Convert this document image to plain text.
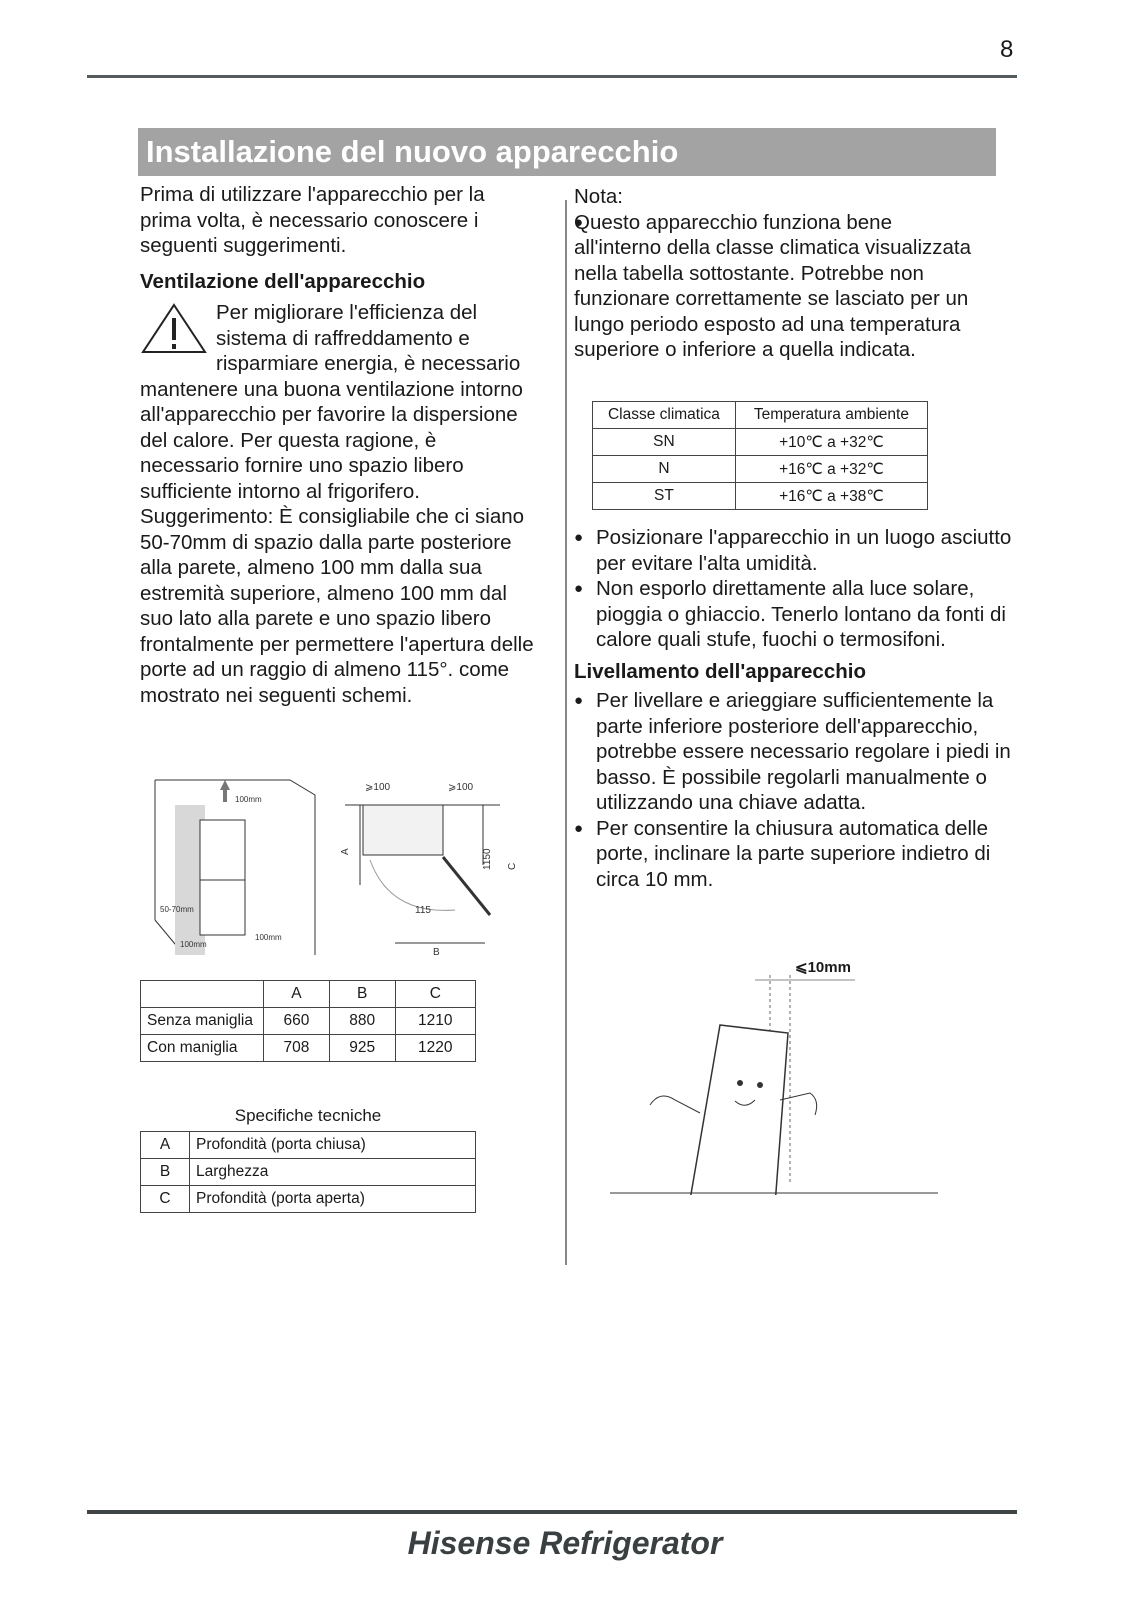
8
Installazione del nuovo apparecchio
Prima di utilizzare l'apparecchio per la prima volta, è necessario conoscere i seguenti suggerimenti.
Ventilazione dell'apparecchio
Per migliorare l'efficienza del sistema di raffreddamento e risparmiare energia, è necessario mantenere una buona ventilazione intorno all'apparecchio per favorire la dispersione del calore. Per questa ragione, è necessario fornire uno spazio libero sufficiente intorno al frigorifero.
Suggerimento: È consigliabile che ci siano 50-70mm di spazio dalla parte posteriore alla parete, almeno 100 mm dalla sua estremità superiore, almeno 100 mm dal suo lato alla parete e uno spazio libero frontalmente per permettere l'apertura delle porte ad un raggio di almeno 115°. come mostrato nei seguenti schemi.
100mm
50-70mm
100mm
100mm
⩾100	⩾100
A	1150 C
115
B
	A	B	C
Senza maniglia	660	880	1210
Con maniglia	708	925	1220
Specifiche tecniche
A	Profondità (porta chiusa)
B	Larghezza
C	Profondità (porta aperta)
Nota:
● Questo apparecchio funziona bene all'interno della classe climatica visualizzata nella tabella sottostante. Potrebbe non funzionare correttamente se lasciato per un lungo periodo esposto ad una temperatura superiore o inferiore a quella indicata.
Classe climatica	Temperatura ambiente
SN	+10℃ a +32℃
N	+16℃ a +32℃
ST	+16℃ a +38℃
● Posizionare l'apparecchio in un luogo asciutto per evitare l'alta umidità.
● Non esporlo direttamente alla luce solare, pioggia o ghiaccio. Tenerlo lontano da fonti di calore quali stufe, fuochi o termosifoni.
Livellamento dell'apparecchio
● Per livellare e arieggiare sufficientemente la parte inferiore posteriore dell'apparecchio, potrebbe essere necessario regolare i piedi in basso. È possibile regolarli manualmente o utilizzando una chiave adatta.
● Per consentire la chiusura automatica delle porte, inclinare la parte superiore indietro di circa 10 mm.
⩽10mm
Hisense Refrigerator
